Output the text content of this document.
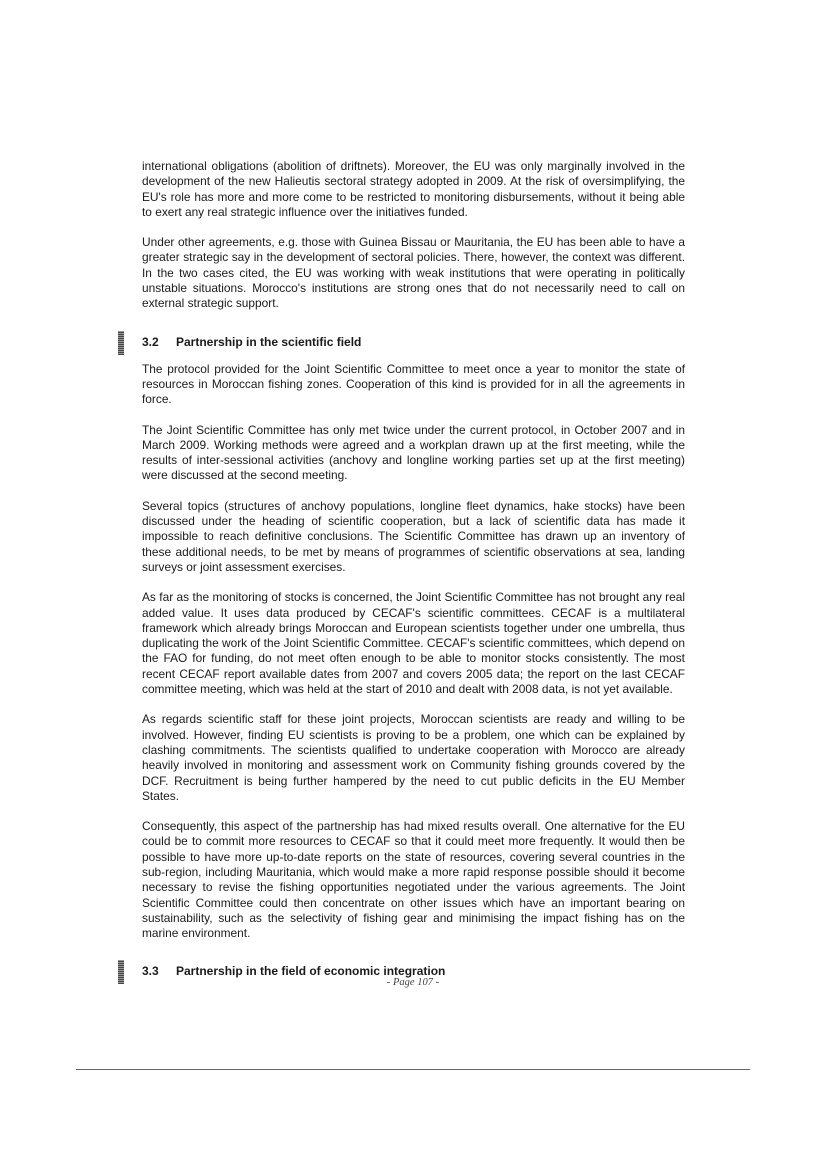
international obligations (abolition of driftnets). Moreover, the EU was only marginally involved in the development of the new Halieutis sectoral strategy adopted in 2009. At the risk of oversimplifying, the EU's role has more and more come to be restricted to monitoring disbursements, without it being able to exert any real strategic influence over the initiatives funded.

Under other agreements, e.g. those with Guinea Bissau or Mauritania, the EU has been able to have a greater strategic say in the development of sectoral policies. There, however, the context was different. In the two cases cited, the EU was working with weak institutions that were operating in politically unstable situations. Morocco's institutions are strong ones that do not necessarily need to call on external strategic support.

3.2 Partnership in the scientific field

The protocol provided for the Joint Scientific Committee to meet once a year to monitor the state of resources in Moroccan fishing zones. Cooperation of this kind is provided for in all the agreements in force.

The Joint Scientific Committee has only met twice under the current protocol, in October 2007 and in March 2009. Working methods were agreed and a workplan drawn up at the first meeting, while the results of inter-sessional activities (anchovy and longline working parties set up at the first meeting) were discussed at the second meeting.

Several topics (structures of anchovy populations, longline fleet dynamics, hake stocks) have been discussed under the heading of scientific cooperation, but a lack of scientific data has made it impossible to reach definitive conclusions. The Scientific Committee has drawn up an inventory of these additional needs, to be met by means of programmes of scientific observations at sea, landing surveys or joint assessment exercises.

As far as the monitoring of stocks is concerned, the Joint Scientific Committee has not brought any real added value. It uses data produced by CECAF's scientific committees. CECAF is a multilateral framework which already brings Moroccan and European scientists together under one umbrella, thus duplicating the work of the Joint Scientific Committee. CECAF's scientific committees, which depend on the FAO for funding, do not meet often enough to be able to monitor stocks consistently. The most recent CECAF report available dates from 2007 and covers 2005 data; the report on the last CECAF committee meeting, which was held at the start of 2010 and dealt with 2008 data, is not yet available.

As regards scientific staff for these joint projects, Moroccan scientists are ready and willing to be involved. However, finding EU scientists is proving to be a problem, one which can be explained by clashing commitments. The scientists qualified to undertake cooperation with Morocco are already heavily involved in monitoring and assessment work on Community fishing grounds covered by the DCF. Recruitment is being further hampered by the need to cut public deficits in the EU Member States.

Consequently, this aspect of the partnership has had mixed results overall. One alternative for the EU could be to commit more resources to CECAF so that it could meet more frequently. It would then be possible to have more up-to-date reports on the state of resources, covering several countries in the sub-region, including Mauritania, which would make a more rapid response possible should it become necessary to revise the fishing opportunities negotiated under the various agreements. The Joint Scientific Committee could then concentrate on other issues which have an important bearing on sustainability, such as the selectivity of fishing gear and minimising the impact fishing has on the marine environment.

3.3 Partnership in the field of economic integration
- Page 107 -
